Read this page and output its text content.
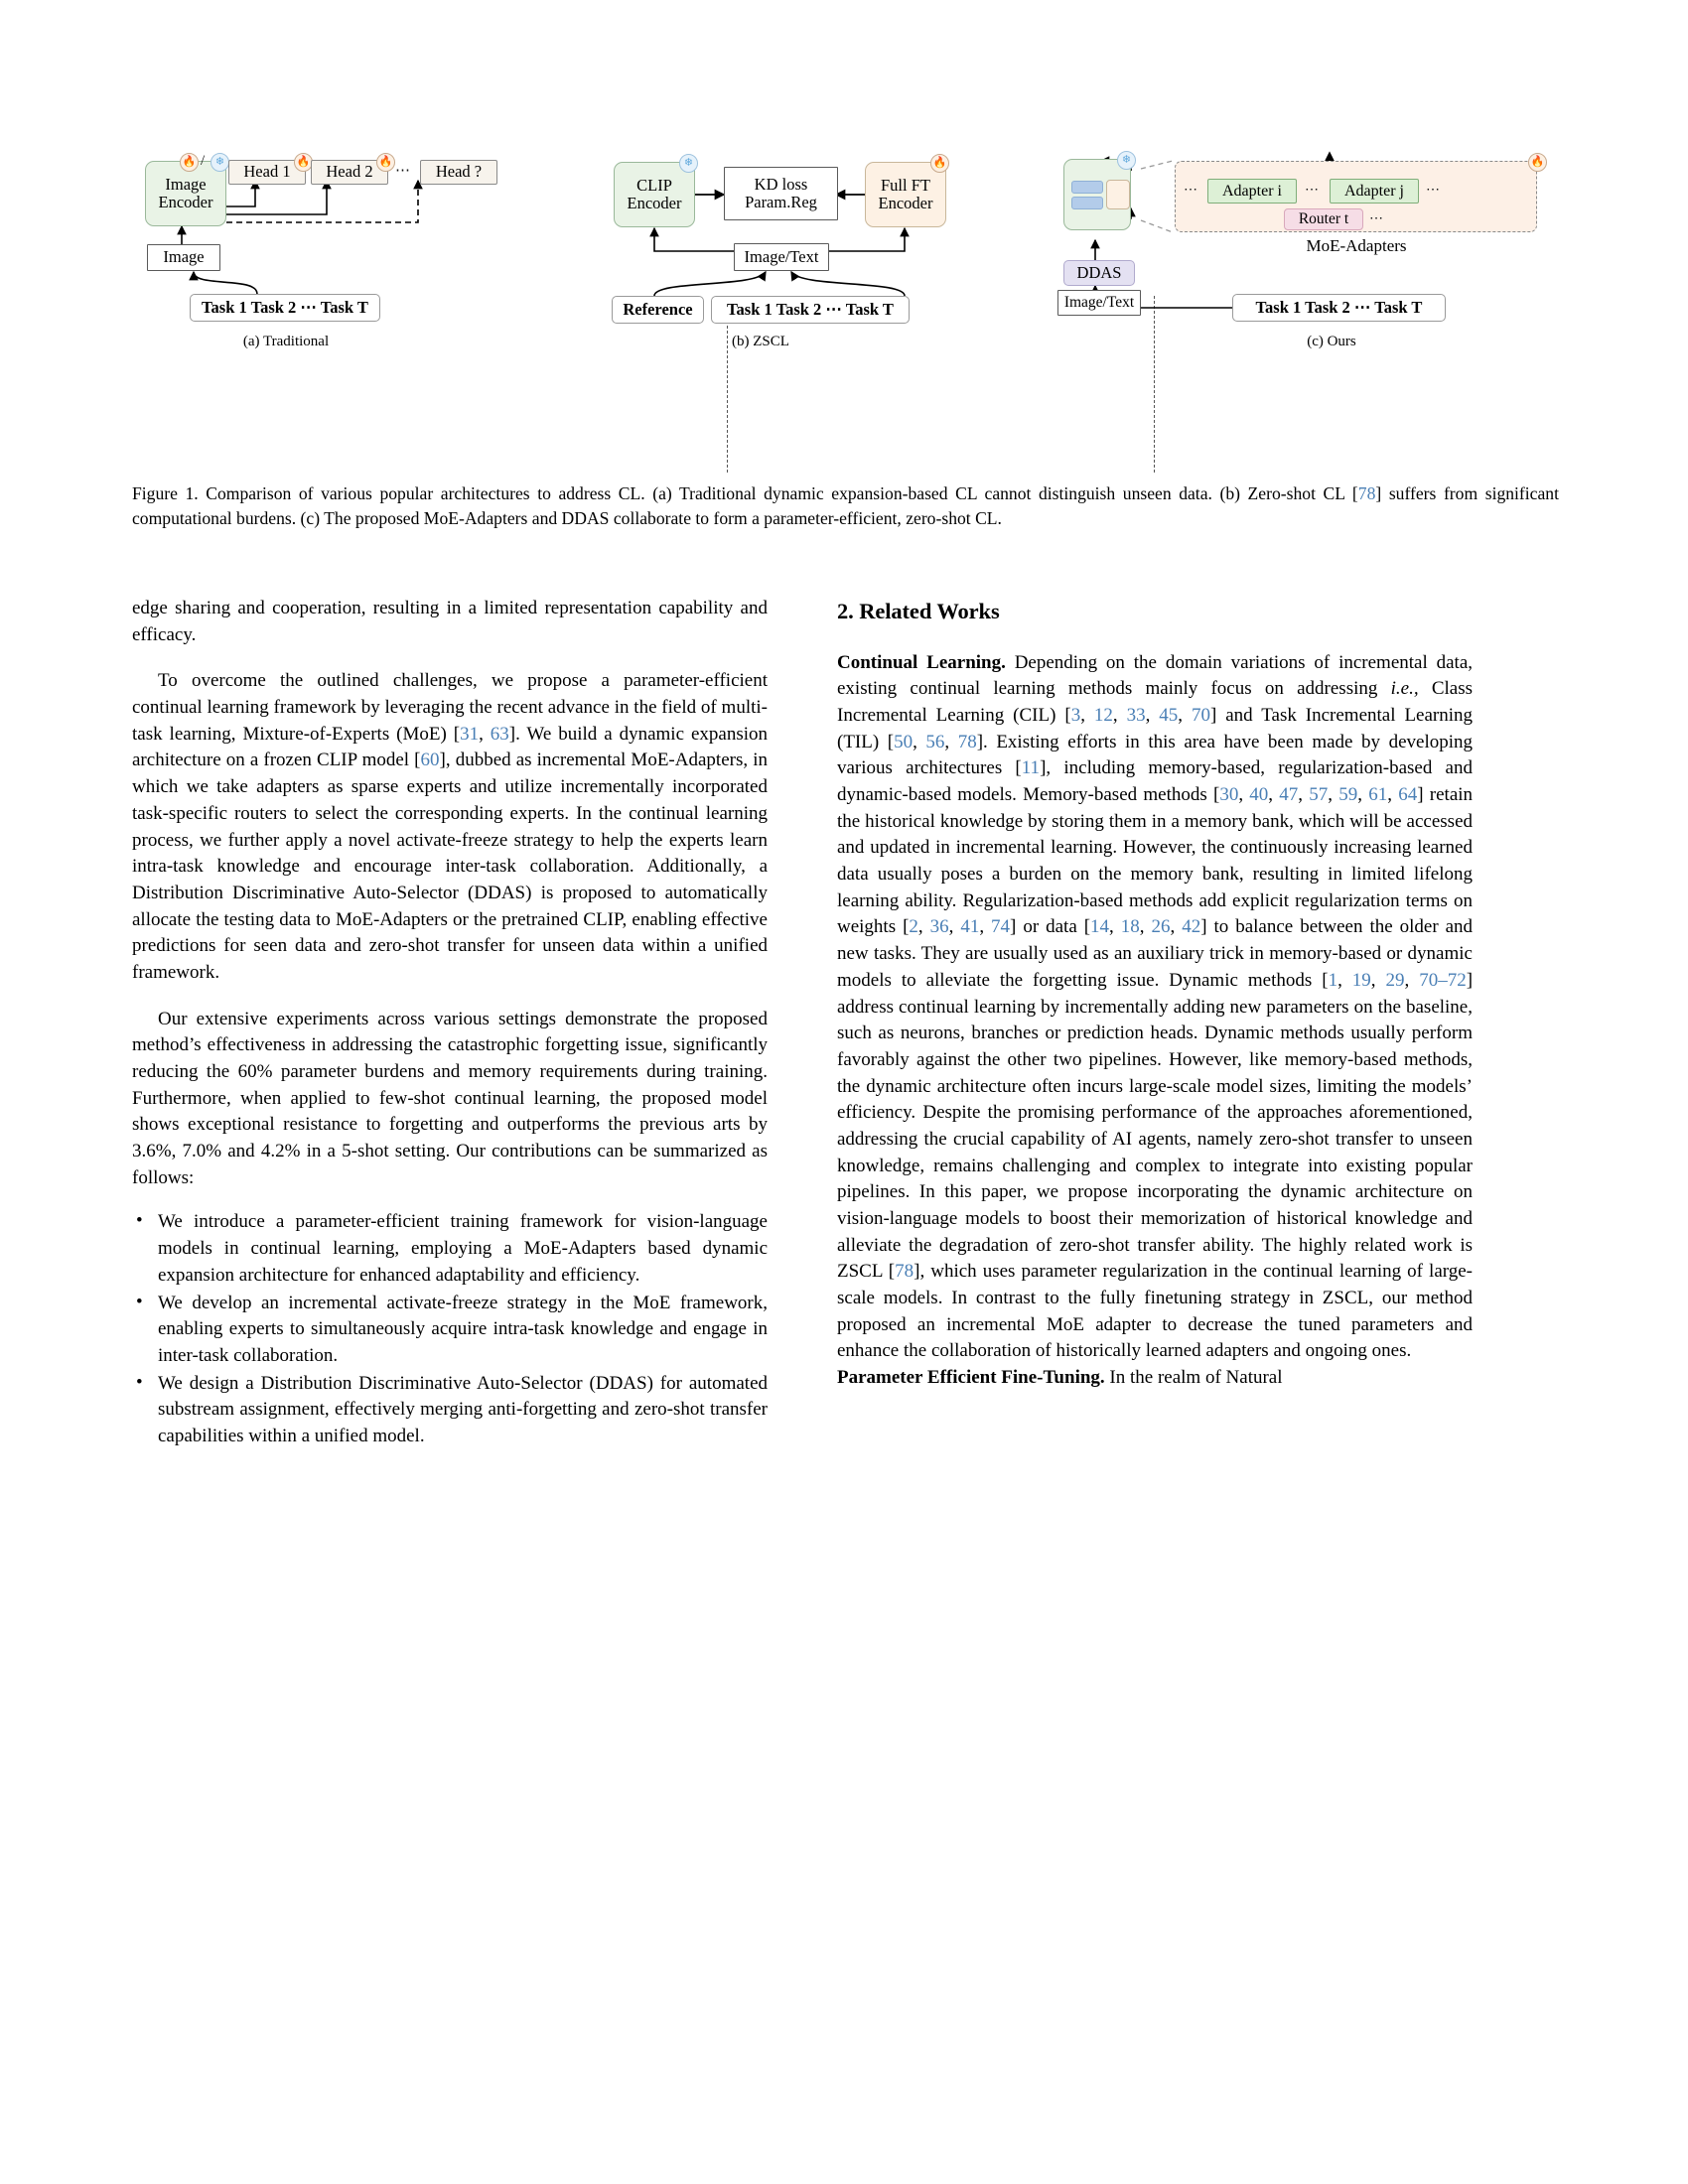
Image
Encoder
🔥 / ❄
Head 1
🔥
Head 2
🔥
⋯	Head ?
Image
Task 1 Task 2 ⋯ Task T
(a) Traditional
CLIP
Encoder
❄
KD loss
Param.Reg
Full FT
Encoder
🔥
Image/Text
Reference	Task 1 Task 2 ⋯ Task T
(b) ZSCL
❄	🔥
⋯	Adapter i	⋯	Adapter j	⋯
Router t	⋯
MoE-Adapters
DDAS
Image/Text	Task 1 Task 2 ⋯ Task T
(c) Ours
Figure 1. Comparison of various popular architectures to address CL. (a) Traditional dynamic expansion-based CL cannot distinguish unseen data. (b) Zero-shot CL [78] suffers from significant computational burdens. (c) The proposed MoE-Adapters and DDAS collaborate to form a parameter-efficient, zero-shot CL.

edge sharing and cooperation, resulting in a limited representation capability and efficacy.

To overcome the outlined challenges, we propose a parameter-efficient continual learning framework by leveraging the recent advance in the field of multi-task learning, Mixture-of-Experts (MoE) [31, 63]. We build a dynamic expansion architecture on a frozen CLIP model [60], dubbed as incremental MoE-Adapters, in which we take adapters as sparse experts and utilize incrementally incorporated task-specific routers to select the corresponding experts. In the continual learning process, we further apply a novel activate-freeze strategy to help the experts learn intra-task knowledge and encourage inter-task collaboration. Additionally, a Distribution Discriminative Auto-Selector (DDAS) is proposed to automatically allocate the testing data to MoE-Adapters or the pretrained CLIP, enabling effective predictions for seen data and zero-shot transfer for unseen data within a unified framework.

Our extensive experiments across various settings demonstrate the proposed method’s effectiveness in addressing the catastrophic forgetting issue, significantly reducing the 60% parameter burdens and memory requirements during training. Furthermore, when applied to few-shot continual learning, the proposed model shows exceptional resistance to forgetting and outperforms the previous arts by 3.6%, 7.0% and 4.2% in a 5-shot setting. Our contributions can be summarized as follows:

• We introduce a parameter-efficient training framework for vision-language models in continual learning, employing a MoE-Adapters based dynamic expansion architecture for enhanced adaptability and efficiency.
• We develop an incremental activate-freeze strategy in the MoE framework, enabling experts to simultaneously acquire intra-task knowledge and engage in inter-task collaboration.
• We design a Distribution Discriminative Auto-Selector (DDAS) for automated substream assignment, effectively merging anti-forgetting and zero-shot transfer capabilities within a unified model.
2. Related Works

Continual Learning. Depending on the domain variations of incremental data, existing continual learning methods mainly focus on addressing i.e., Class Incremental Learning (CIL) [3, 12, 33, 45, 70] and Task Incremental Learning (TIL) [50, 56, 78]. Existing efforts in this area have been made by developing various architectures [11], including memory-based, regularization-based and dynamic-based models. Memory-based methods [30, 40, 47, 57, 59, 61, 64] retain the historical knowledge by storing them in a memory bank, which will be accessed and updated in incremental learning. However, the continuously increasing learned data usually poses a burden on the memory bank, resulting in limited lifelong learning ability. Regularization-based methods add explicit regularization terms on weights [2, 36, 41, 74] or data [14, 18, 26, 42] to balance between the older and new tasks. They are usually used as an auxiliary trick in memory-based or dynamic models to alleviate the forgetting issue. Dynamic methods [1, 19, 29, 70–72] address continual learning by incrementally adding new parameters on the baseline, such as neurons, branches or prediction heads. Dynamic methods usually perform favorably against the other two pipelines. However, like memory-based methods, the dynamic architecture often incurs large-scale model sizes, limiting the models’ efficiency. Despite the promising performance of the approaches aforementioned, addressing the crucial capability of AI agents, namely zero-shot transfer to unseen knowledge, remains challenging and complex to integrate into existing popular pipelines. In this paper, we propose incorporating the dynamic architecture on vision-language models to boost their memorization of historical knowledge and alleviate the degradation of zero-shot transfer ability. The highly related work is ZSCL [78], which uses parameter regularization in the continual learning of large-scale models. In contrast to the fully finetuning strategy in ZSCL, our method proposed an incremental MoE adapter to decrease the tuned parameters and enhance the collaboration of historically learned adapters and ongoing ones.

Parameter Efficient Fine-Tuning. In the realm of Natural
